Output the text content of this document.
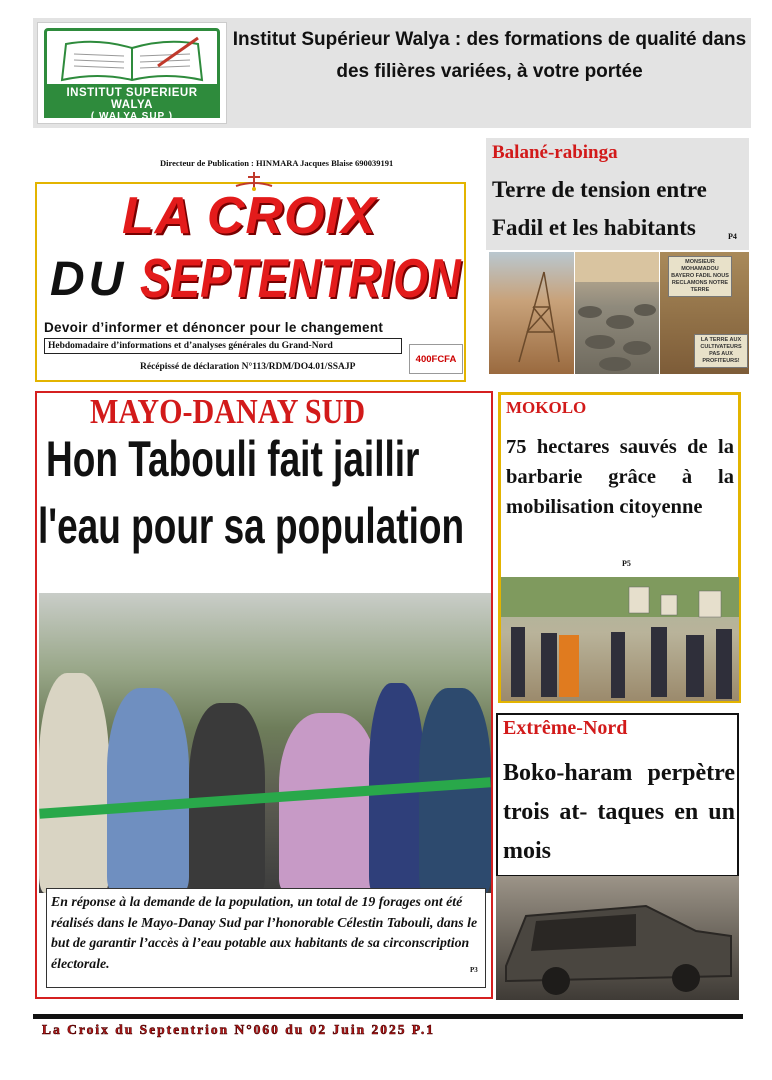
INSTITUT SUPERIEUR WALYA
( WALYA SUP )
Institut Supérieur Walya : des formations de qualité dans
des filières variées, à votre portée
Directeur de Publication : HINMARA Jacques Blaise 690039191
LA CROIX
DU SEPTENTRION
Devoir d’informer et dénoncer pour le changement
Hebdomadaire d’informations et d’analyses générales du Grand-Nord
Récépissé de déclaration N°113/RDM/DO4.01/SSAJP
400FCFA
Balané-rabinga
Terre de tension entre
Fadil et les habitants	P4
MONSIEUR MOHAMADOU BAYERO FADIL NOUS RECLAMONS NOTRE TERRE
LA TERRE AUX CULTIVATEURS PAS AUX PROFITEURS!
MAYO-DANAY SUD
Hon Tabouli fait jaillir
l'eau pour sa population
En réponse à la demande de la population, un total de 19 forages ont été réalisés dans le Mayo-Danay Sud par l’honorable Célestin Tabouli, dans le but de garantir l’accès à l’eau potable aux habitants de sa circonscription électorale.	P3
MOKOLO
75 hectares sauvés de la barbarie grâce à la mobilisation citoyenne
P5
Extrême-Nord
Boko-haram perpètre trois at- taques en un mois
La Croix du Septentrion N°060 du 02 Juin 2025 P.1
